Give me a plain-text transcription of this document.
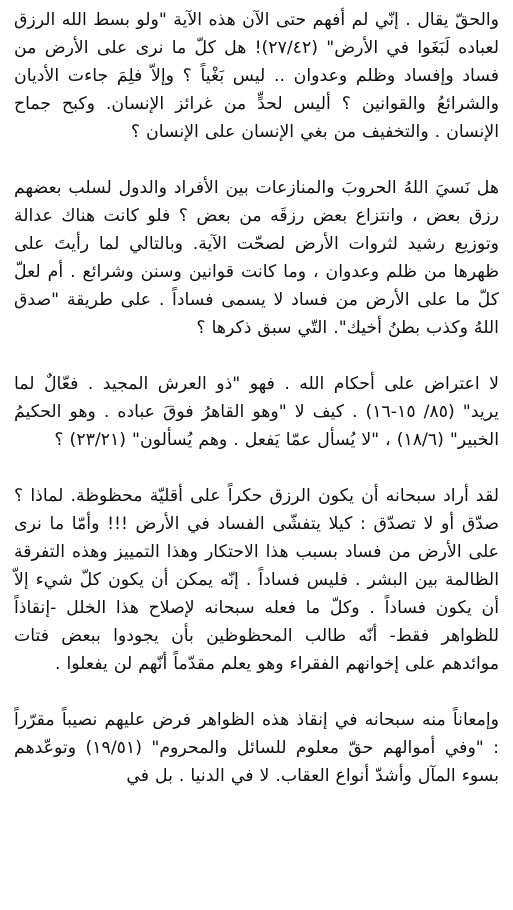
والحقّ يقال . إنّي لم أفهم حتى الآن هذه الآية "ولو بسط الله الرزق لعباده لَبَغَوا في الأرض" (٢٧/٤٢)! هل كلّ ما نرى على الأرض من فساد وإفساد وظلم وعدوان .. ليس بَغْياً ؟ وإلاّ فلِمَ جاءت الأديان والشرائعُ والقوانين ؟ أليس لحدٍّ من غرائز الإنسان. وكبح جماح الإنسان . والتخفيف من بغي الإنسان على الإنسان ؟

هل نَسيَ اللهُ الحروبَ والمنازعات بين الأفراد والدول لسلب بعضهم رزق بعض ، وانتزاع بعض رزقَه من بعض ؟ فلو كانت هناك عدالة وتوزيع رشيد لثروات الأرض لصحّت الآية. وبالتالي لما رأيتَ على ظهرها من ظلم وعدوان ، وما كانت قوانين وسنن وشرائع . أم لعلّ كلّ ما على الأرض من فساد لا يسمى فساداً . على طريقة "صدق اللهُ وكذب بطنُ أخيك". التّي سبق ذكرها ؟

لا اعتراض على أحكام الله . فهو "ذو العرش المجيد . فعّالٌ لما يريد" (٨٥/ ١٥-١٦) . كيف لا "وهو القاهرُ فوقَ عباده . وهو الحكيمُ الخبير" (١٨/٦) ، "لا يُسأل عمّا يَفعل . وهم يُسألون" (٢٣/٢١) ؟

لقد أراد سبحانه أن يكون الرزق حكراً على أقليّة محظوظة. لماذا ؟ صدّق أو لا تصدّق : كيلا يتفشّى الفساد في الأرض !!! وأمّا ما نرى على الأرض من فساد بسبب هذا الاحتكار وهذا التمييز وهذه التفرقة الظالمة بين البشر . فليس فساداً . إنّه يمكن أن يكون كلّ شيء إلاّ أن يكون فساداً . وكلّ ما فعله سبحانه لإصلاح هذا الخلل -إنقاذاً للظواهر فقط- أنّه طالب المحظوظين بأن يجودوا ببعض فتات موائدهم على إخوانهم الفقراء وهو يعلم مقدّماً أنّهم لن يفعلوا .

وإمعاناً منه سبحانه في إنقاذ هذه الظواهر فرض عليهم نصيباً مقرّراً : "وفي أموالهم حقّ معلوم للسائل والمحروم" (١٩/٥١) وتوعّدهم بسوء المآل وأشدّ أنواع العقاب. لا في الدنيا . بل في
